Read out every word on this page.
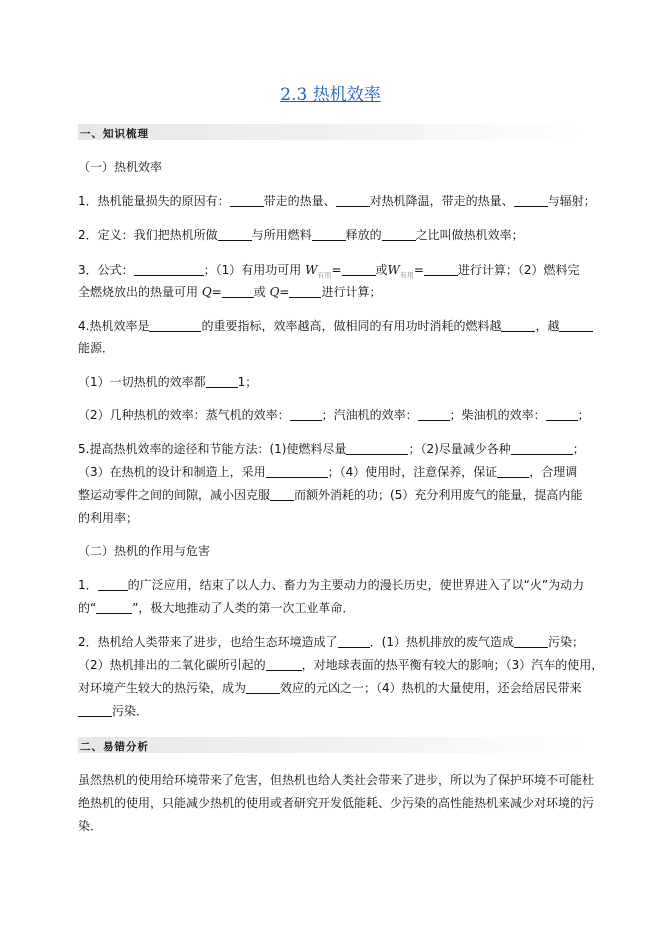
2.3 热机效率
一、知识梳理
（一）热机效率
1．热机能量损失的原因有：	带走的热量、	对热机降温，带走的热量、	与辐射；
2．定义：我们把热机所做	与所用燃料	释放的	之比叫做热机效率；
3．公式：	；（1）有用功可用 $W_{有用}=$	或$W_{有用}=$	进行计算；（2）燃料完
全燃烧放出的热量可用 Q=	或 Q=	进行计算；
4.热机效率是	的重要指标，效率越高，做相同的有用功时消耗的燃料越	，越
能源．
（1）一切热机的效率都	1；
（2）几种热机的效率：蒸气机的效率：	；汽油机的效率：	；柴油机的效率：	；
5.提高热机效率的途径和节能方法：(1)使燃料尽量	；（2)尽量减少各种	；
（3）在热机的设计和制造上，采用	；（4）使用时，注意保养，保证	，合理调
整运动零件之间的间隙，减小因克服 而额外消耗的功；(5）充分利用废气的能量，提高内能
的利用率；
（二）热机的作用与危害
1．	的广泛应用，结束了以人力、畜力为主要动力的漫长历史，使世界进入了以“火”为动力
的“	”，极大地推动了人类的第一次工业革命．
2．热机给人类带来了进步，也给生态环境造成了	．(1）热机排放的废气造成	污染；
（2）热机排出的二氧化碳所引起的	，对地球表面的热平衡有较大的影响；（3）汽车的使用，
对环境产生较大的热污染，成为	效应的元凶之一；（4）热机的大量使用，还会给居民带来
污染．
二、易错分析
虽然热机的使用给环境带来了危害，但热机也给人类社会带来了进步，所以为了保护环境不可能杜
绝热机的使用，只能减少热机的使用或者研究开发低能耗、少污染的高性能热机来减少对环境的污
染．
